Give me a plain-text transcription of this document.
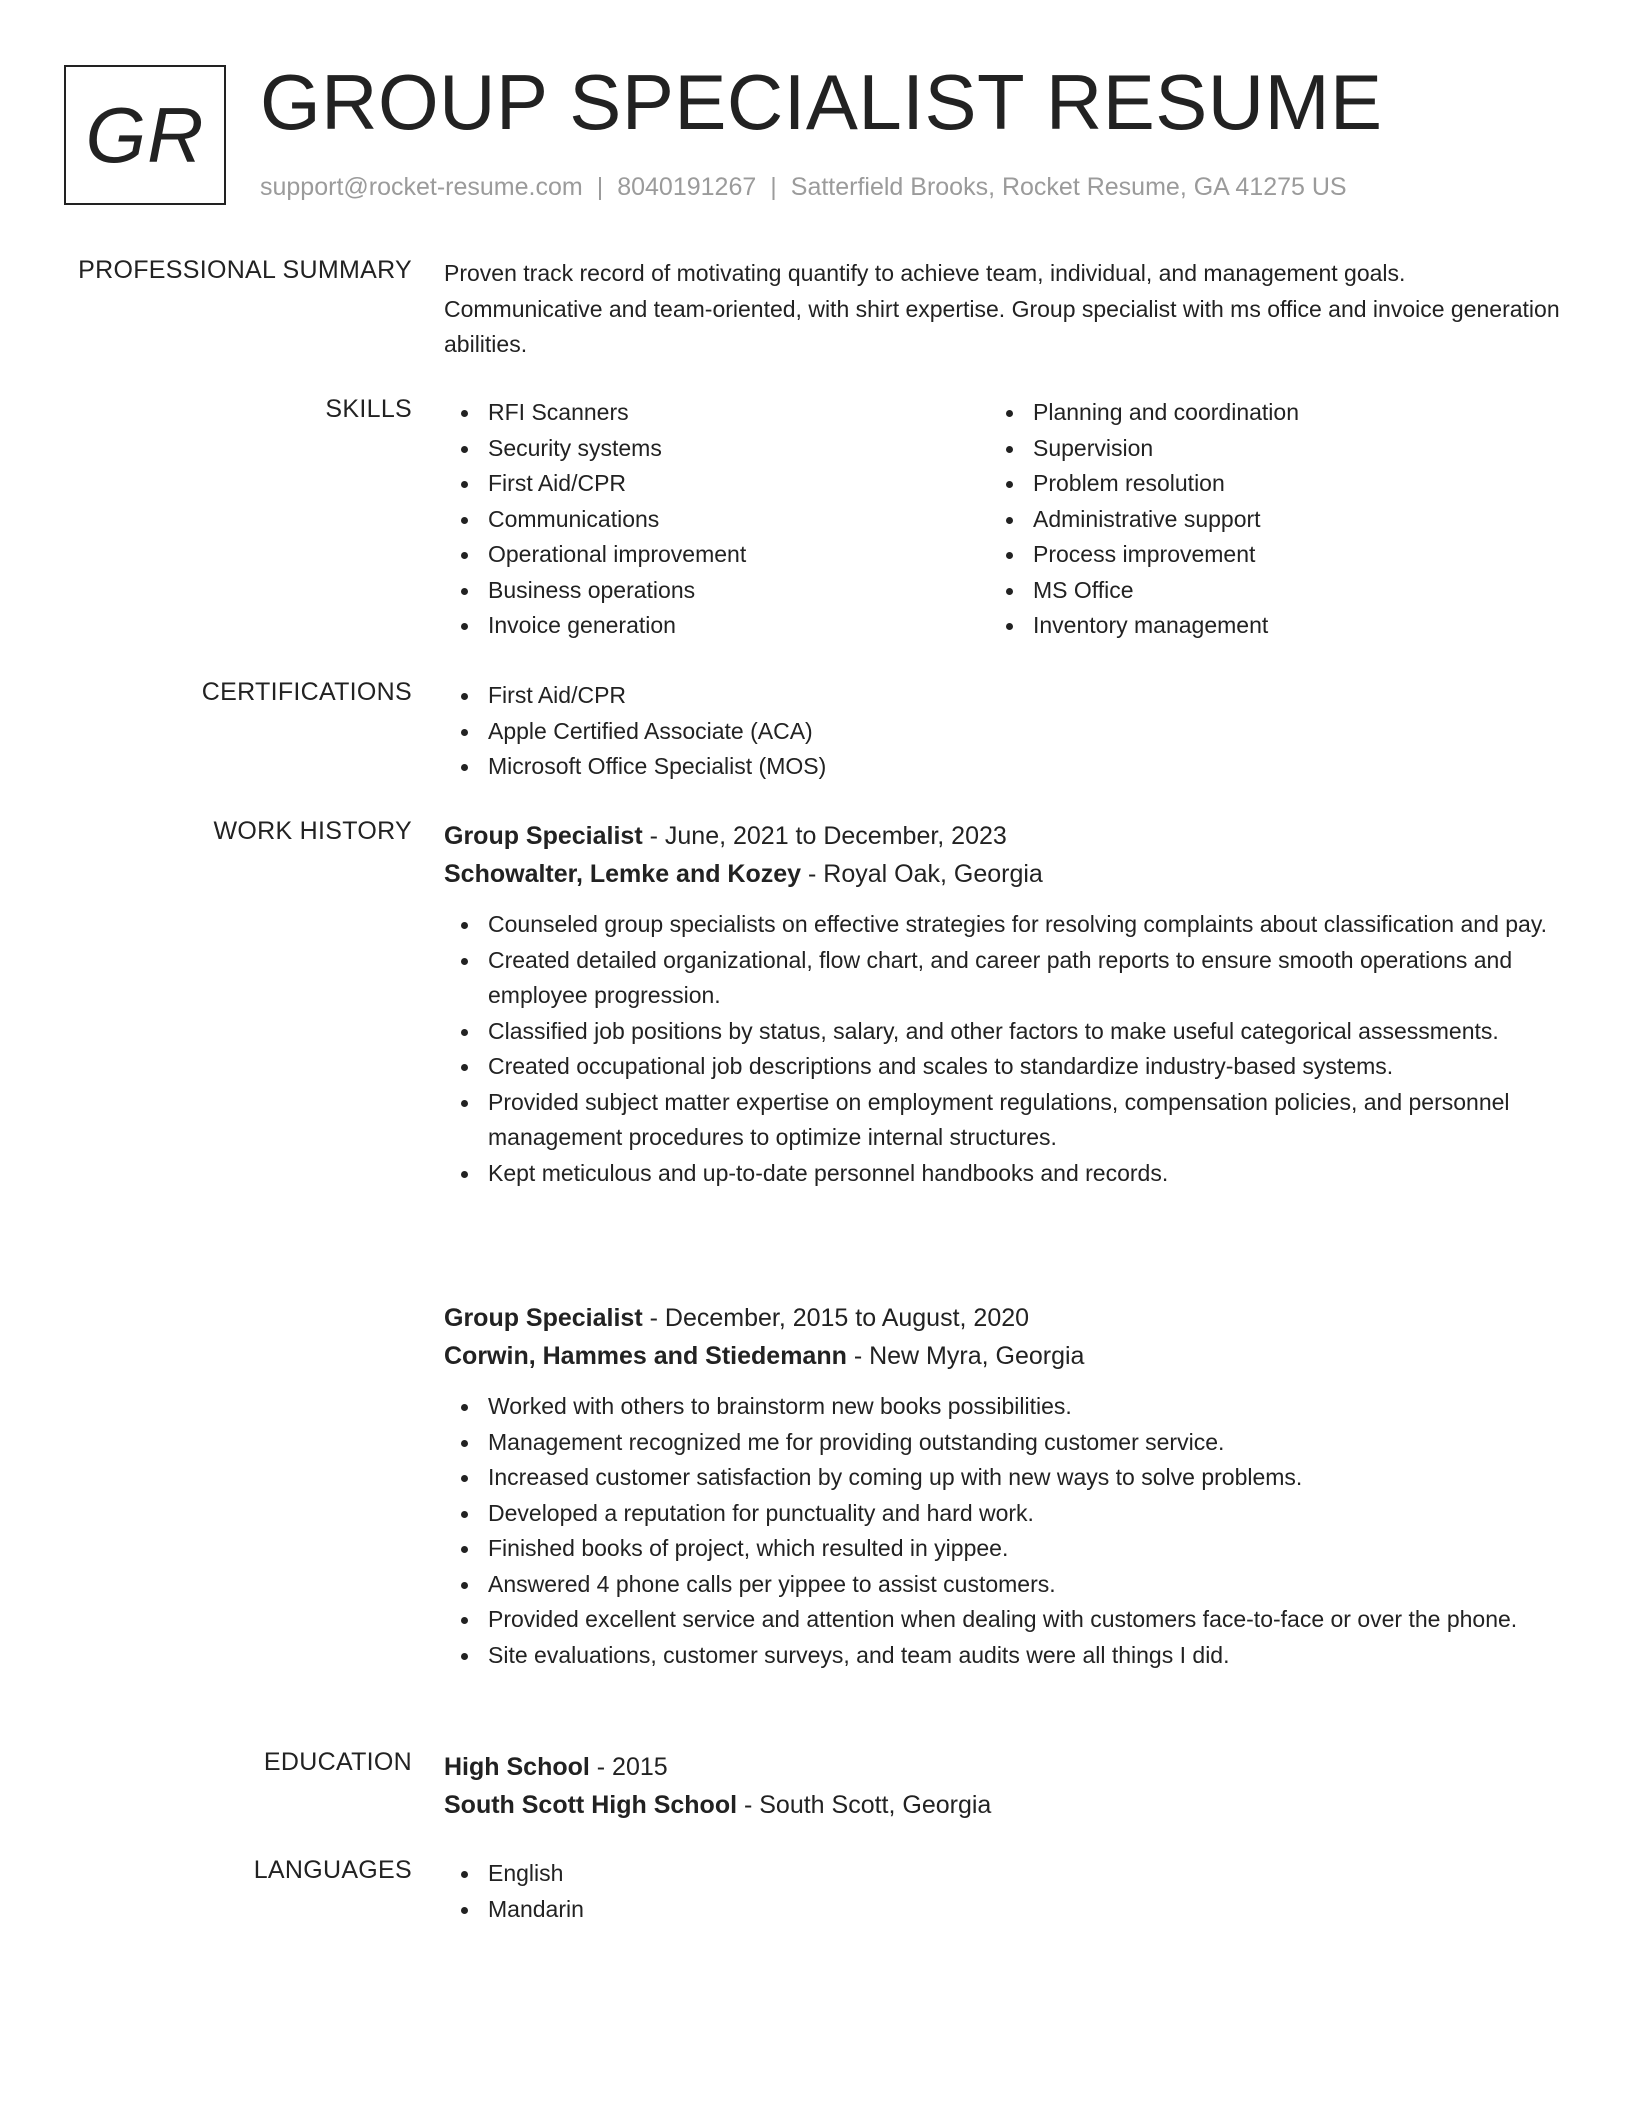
GR GROUP SPECIALIST RESUME
support@rocket-resume.com | 8040191267 | Satterfield Brooks, Rocket Resume, GA 41275 US
PROFESSIONAL SUMMARY Proven track record of motivating quantify to achieve team, individual, and management goals. Communicative and team-oriented, with shirt expertise. Group specialist with ms office and invoice generation abilities.

SKILLS	RFI Scanners
Security systems
First Aid/CPR
Communications
Operational improvement
Business operations
Invoice generation
Planning and coordination
Supervision
Problem resolution
Administrative support
Process improvement
MS Office
Inventory management
CERTIFICATIONS	First Aid/CPR
Apple Certified Associate (ACA)
Microsoft Office Specialist (MOS)
WORK HISTORY Group Specialist - June, 2021 to December, 2023
Schowalter, Lemke and Kozey - Royal Oak, Georgia
Counseled group specialists on effective strategies for resolving complaints about classification and pay.
Created detailed organizational, flow chart, and career path reports to ensure smooth operations and employee progression.
Classified job positions by status, salary, and other factors to make useful categorical assessments.
Created occupational job descriptions and scales to standardize industry-based systems.
Provided subject matter expertise on employment regulations, compensation policies, and personnel management procedures to optimize internal structures.
Kept meticulous and up-to-date personnel handbooks and records.
Group Specialist - December, 2015 to August, 2020
Corwin, Hammes and Stiedemann - New Myra, Georgia
Worked with others to brainstorm new books possibilities.
Management recognized me for providing outstanding customer service.
Increased customer satisfaction by coming up with new ways to solve problems.
Developed a reputation for punctuality and hard work.
Finished books of project, which resulted in yippee.
Answered 4 phone calls per yippee to assist customers.
Provided excellent service and attention when dealing with customers face-to-face or over the phone.
Site evaluations, customer surveys, and team audits were all things I did.
EDUCATION High School - 2015
South Scott High School - South Scott, Georgia
LANGUAGES	English
Mandarin
